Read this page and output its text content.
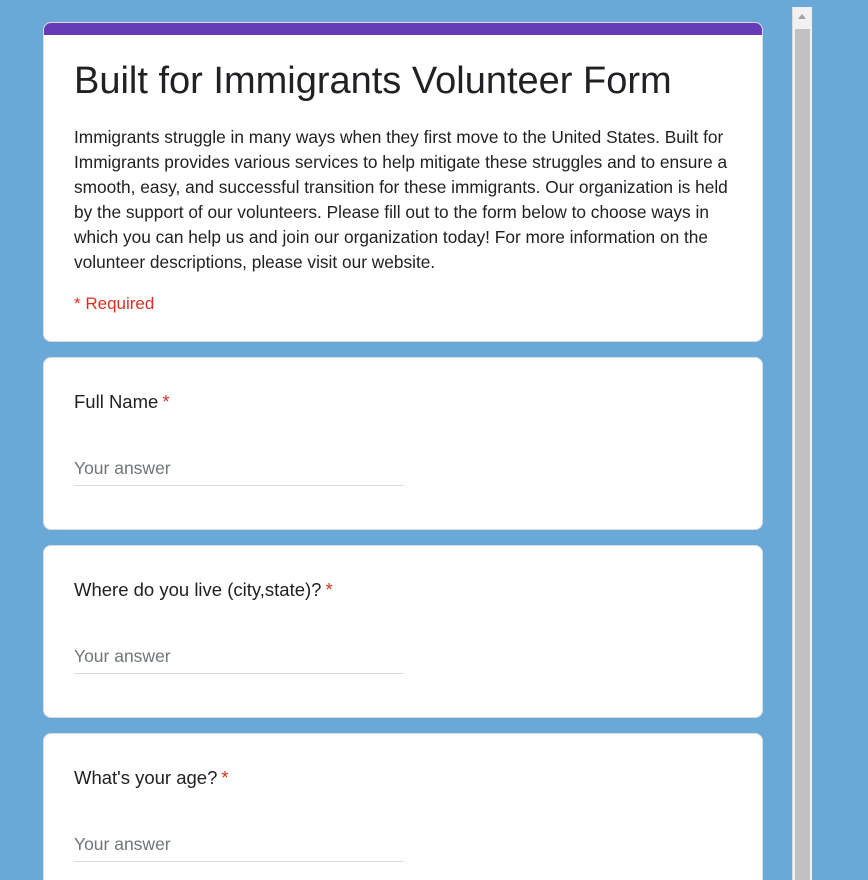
Built for Immigrants Volunteer Form

Immigrants struggle in many ways when they first move to the United States. Built for Immigrants provides various services to help mitigate these struggles and to ensure a smooth, easy, and successful transition for these immigrants. Our organization is held by the support of our volunteers. Please fill out to the form below to choose ways in which you can help us and join our organization today! For more information on the volunteer descriptions, please visit our website.

* Required
Full Name *
Your answer
Where do you live (city,state)? *
Your answer
What's your age? *
Your answer
